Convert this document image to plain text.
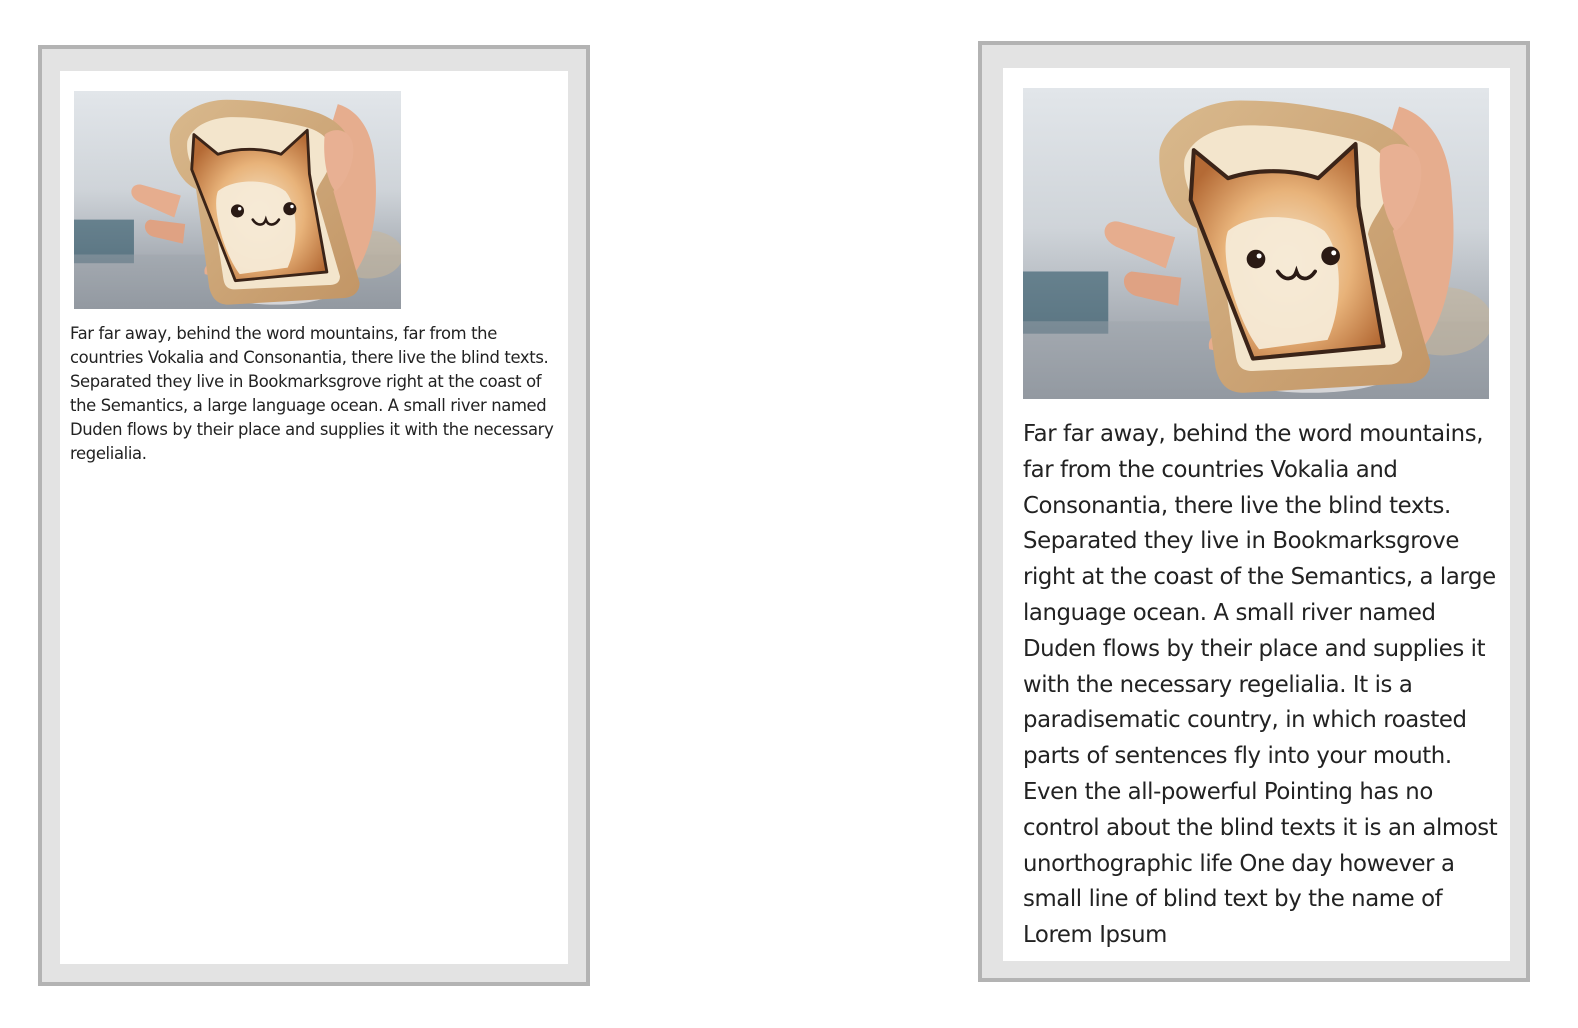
Far far away, behind the word mountains, far from the countries Vokalia and Consonantia, there live the blind texts. Separated they live in Bookmarksgrove right at the coast of the Semantics, a large language ocean. A small river named Duden flows by their place and supplies it with the necessary regelialia.

Far far away, behind the word mountains, far from the countries Vokalia and Consonantia, there live the blind texts. Separated they live in Bookmarksgrove right at the coast of the Semantics, a large language ocean. A small river named Duden flows by their place and supplies it with the necessary regelialia. It is a paradisematic country, in which roasted parts of sentences fly into your mouth. Even the all-powerful Pointing has no control about the blind texts it is an almost unorthographic life One day however a small line of blind text by the name of Lorem Ipsum
